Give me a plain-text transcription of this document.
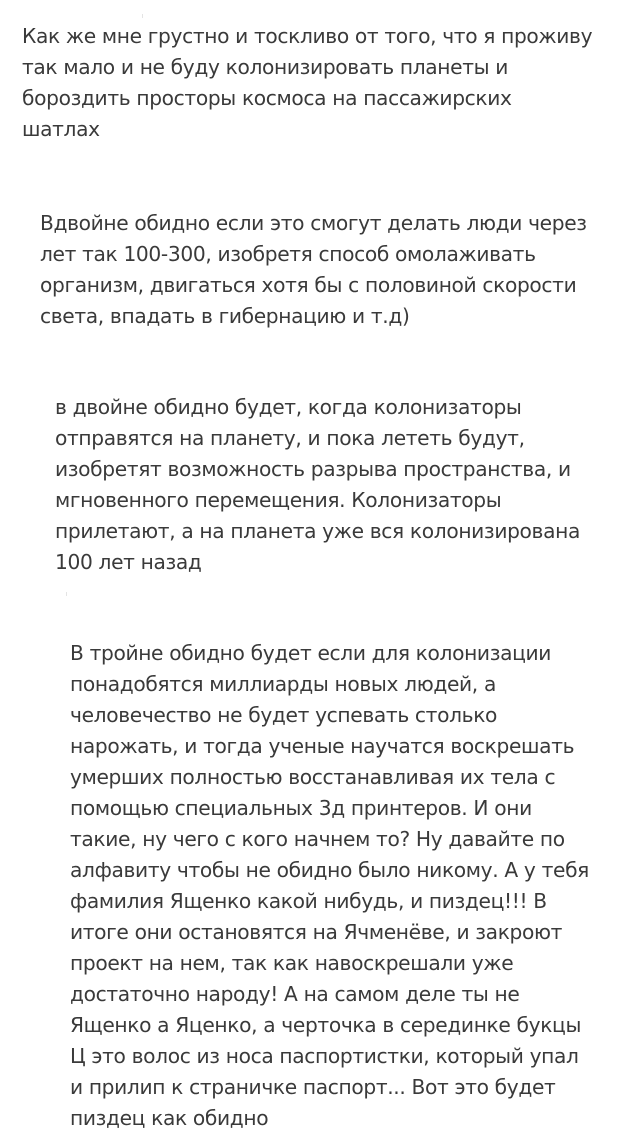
Как же мне грустно и тоскливо от того, что я проживу
так мало и не буду колонизировать планеты и
бороздить просторы космоса на пассажирских
шатлах

Вдвойне обидно если это смогут делать люди через
лет так 100-300, изобретя способ омолаживать
организм, двигаться хотя бы с половиной скорости
света, впадать в гибернацию и т.д)

в двойне обидно будет, когда колонизаторы
отправятся на планету, и пока лететь будут,
изобретят возможность разрыва пространства, и
мгновенного перемещения. Колонизаторы
прилетают, а на планета уже вся колонизирована
100 лет назад

В тройне обидно будет если для колонизации
понадобятся миллиарды новых людей, а
человечество не будет успевать столько
нарожать, и тогда ученые научатся воскрешать
умерших полностью восстанавливая их тела с
помощью специальных 3д принтеров. И они
такие, ну чего с кого начнем то? Ну давайте по
алфавиту чтобы не обидно было никому. А у тебя
фамилия Ященко какой нибудь, и пиздец!!! В
итоге они остановятся на Ячменёве, и закроют
проект на нем, так как навоскрешали уже
достаточно народу! А на самом деле ты не
Ященко а Яценко, а черточка в серединке букцы
Ц это волос из носа паспортистки, который упал
и прилип к страничке паспорт... Вот это будет
пиздец как обидно
